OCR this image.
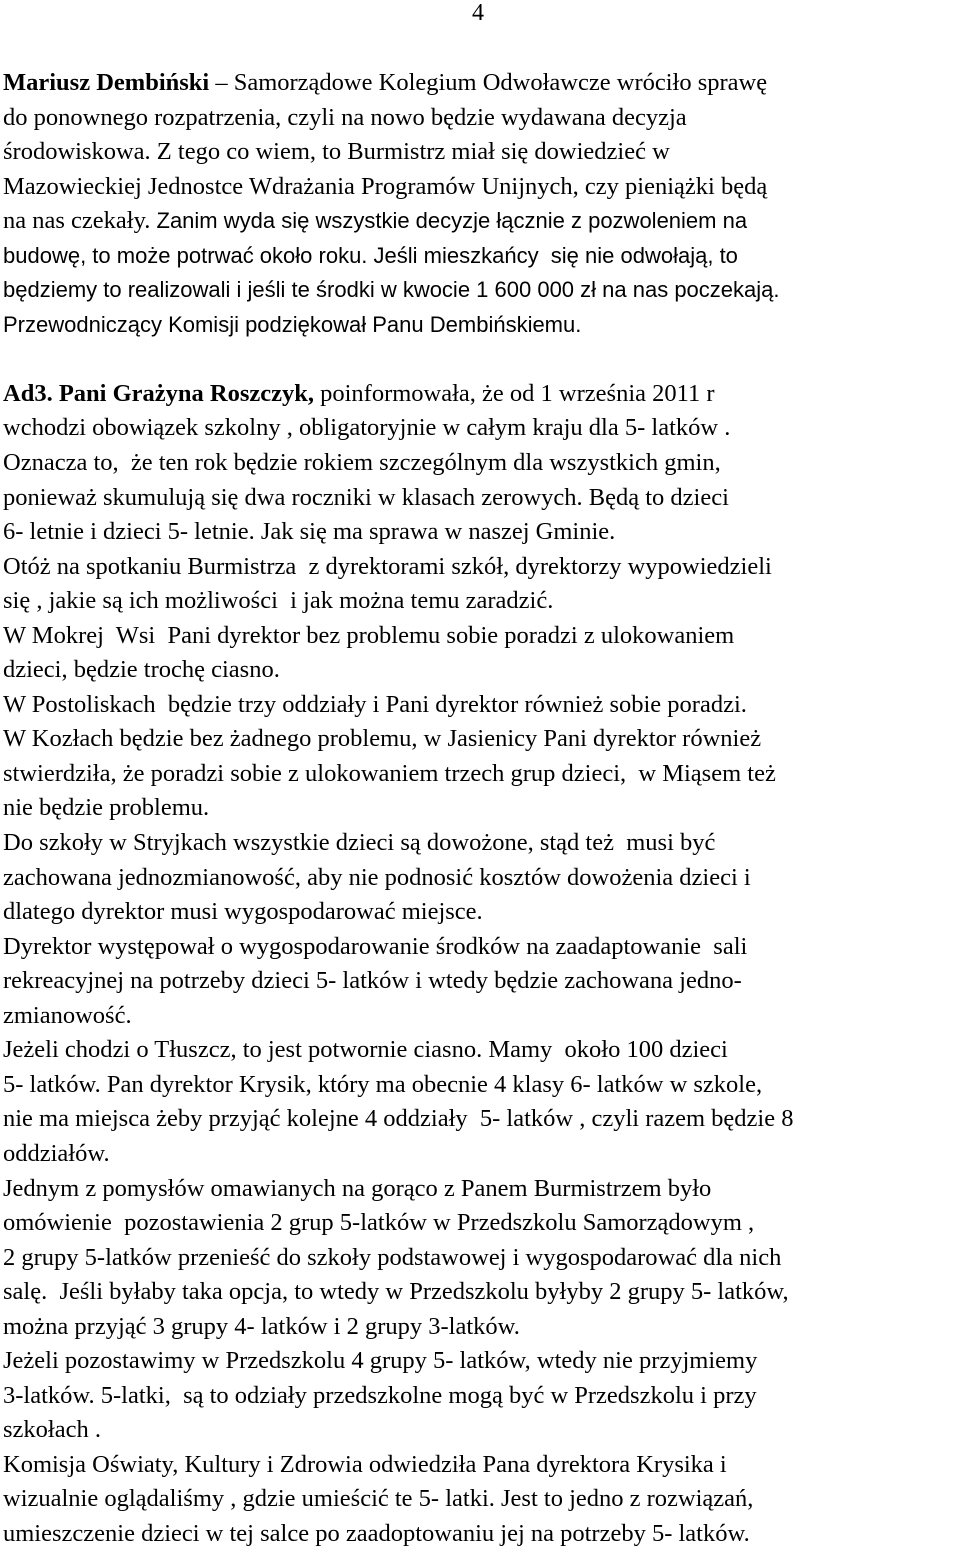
4
Mariusz Dembiński – Samorządowe Kolegium Odwoławcze wróciło sprawę
do ponownego rozpatrzenia, czyli na nowo będzie wydawana decyzja
środowiskowa. Z tego co wiem, to Burmistrz miał się dowiedzieć w
Mazowieckiej Jednostce Wdrażania Programów Unijnych, czy pieniążki będą
na nas czekały. Zanim wyda się wszystkie decyzje łącznie z pozwoleniem na
budowę, to może potrwać około roku. Jeśli mieszkańcy  się nie odwołają, to
będziemy to realizowali i jeśli te środki w kwocie 1 600 000 zł na nas poczekają.
Przewodniczący Komisji podziękował Panu Dembińskiemu.
Ad3. Pani Grażyna Roszczyk, poinformowała, że od 1 września 2011 r
wchodzi obowiązek szkolny , obligatoryjnie w całym kraju dla 5- latków .
Oznacza to,  że ten rok będzie rokiem szczególnym dla wszystkich gmin,
ponieważ skumulują się dwa roczniki w klasach zerowych. Będą to dzieci
6- letnie i dzieci 5- letnie. Jak się ma sprawa w naszej Gminie.
Otóż na spotkaniu Burmistrza  z dyrektorami szkół, dyrektorzy wypowiedzieli
się , jakie są ich możliwości  i jak można temu zaradzić.
W Mokrej  Wsi  Pani dyrektor bez problemu sobie poradzi z ulokowaniem
dzieci, będzie trochę ciasno.
W Postoliskach  będzie trzy oddziały i Pani dyrektor również sobie poradzi.
W Kozłach będzie bez żadnego problemu, w Jasienicy Pani dyrektor również
stwierdziła, że poradzi sobie z ulokowaniem trzech grup dzieci,  w Miąsem też
nie będzie problemu.
Do szkoły w Stryjkach wszystkie dzieci są dowożone, stąd też  musi być
zachowana jednozmianowość, aby nie podnosić kosztów dowożenia dzieci i
dlatego dyrektor musi wygospodarować miejsce.
Dyrektor występował o wygospodarowanie środków na zaadaptowanie  sali
rekreacyjnej na potrzeby dzieci 5- latków i wtedy będzie zachowana jedno-
zmianowość.
Jeżeli chodzi o Tłuszcz, to jest potwornie ciasno. Mamy  około 100 dzieci
5- latków. Pan dyrektor Krysik, który ma obecnie 4 klasy 6- latków w szkole,
nie ma miejsca żeby przyjąć kolejne 4 oddziały  5- latków , czyli razem będzie 8
oddziałów.
Jednym z pomysłów omawianych na gorąco z Panem Burmistrzem było
omówienie  pozostawienia 2 grup 5-latków w Przedszkolu Samorządowym ,
2 grupy 5-latków przenieść do szkoły podstawowej i wygospodarować dla nich
salę.  Jeśli byłaby taka opcja, to wtedy w Przedszkolu byłyby 2 grupy 5- latków,
można przyjąć 3 grupy 4- latków i 2 grupy 3-latków.
Jeżeli pozostawimy w Przedszkolu 4 grupy 5- latków, wtedy nie przyjmiemy
3-latków. 5-latki,  są to odziały przedszkolne mogą być w Przedszkolu i przy
szkołach .
Komisja Oświaty, Kultury i Zdrowia odwiedziła Pana dyrektora Krysika i
wizualnie oglądaliśmy , gdzie umieścić te 5- latki. Jest to jedno z rozwiązań,
umieszczenie dzieci w tej salce po zaadoptowaniu jej na potrzeby 5- latków.
